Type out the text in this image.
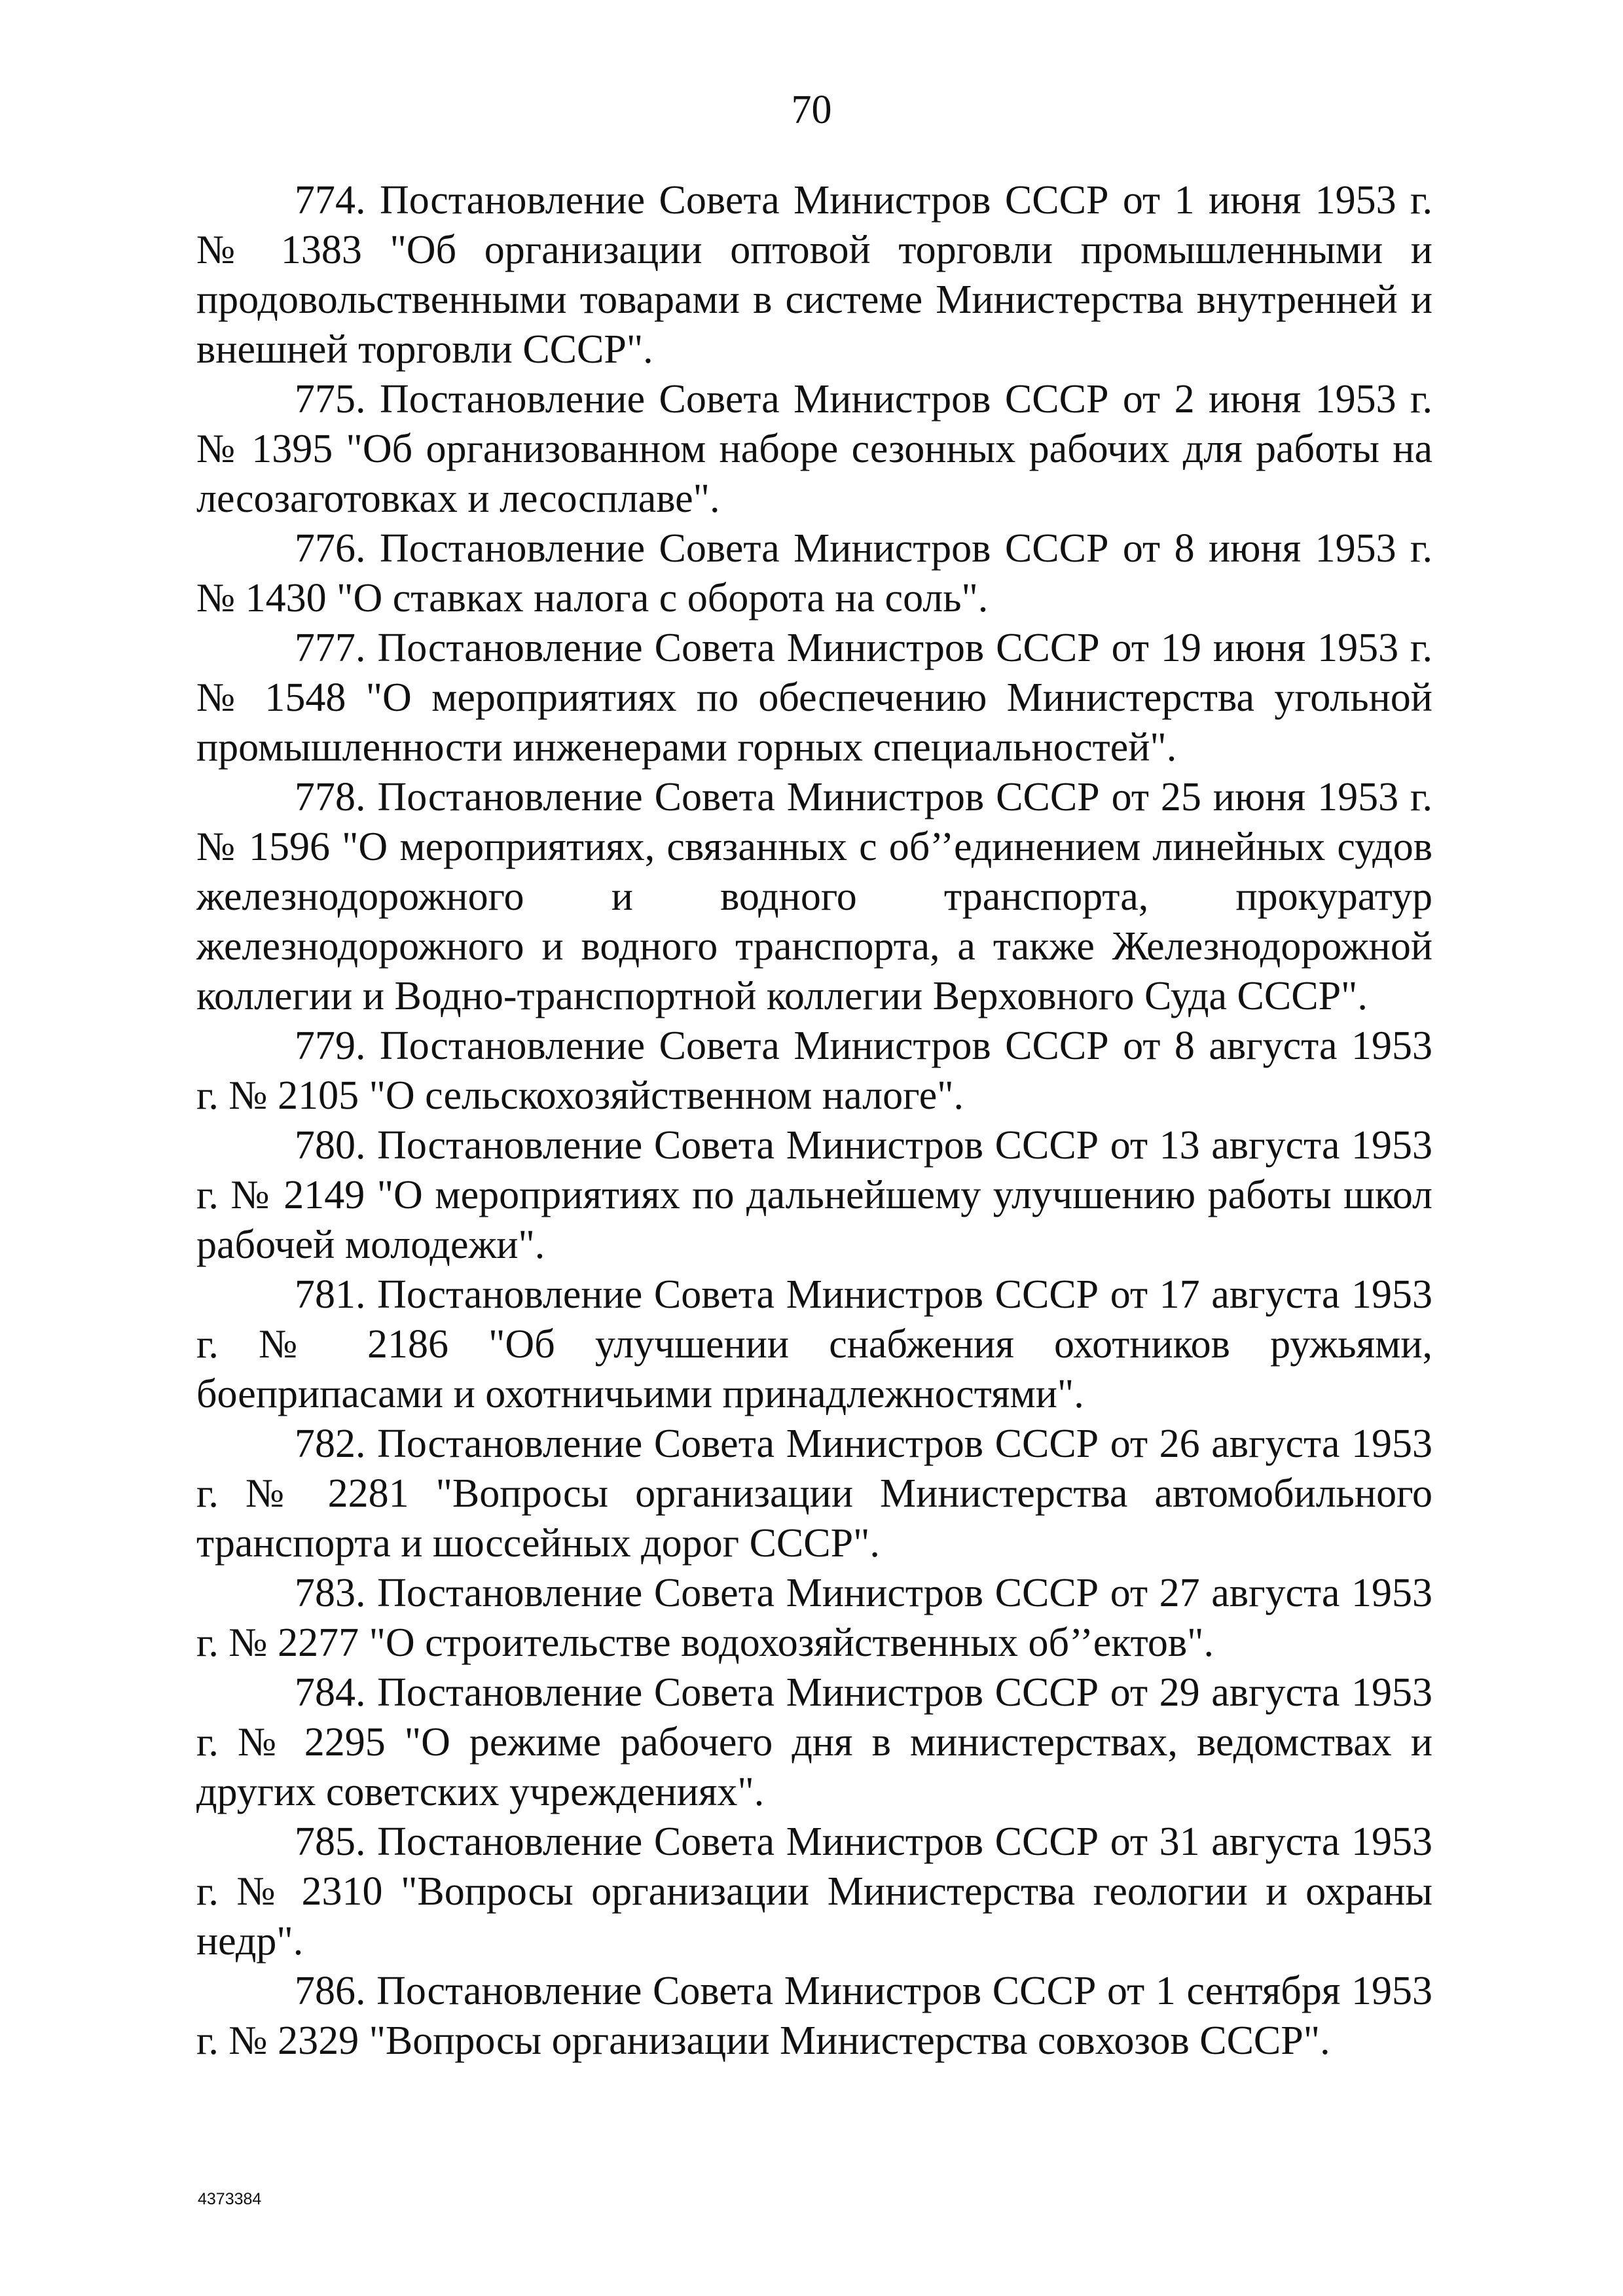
70

774. Постановление Совета Министров СССР от 1 июня 1953 г. № 1383 "Об организации оптовой торговли промышленными и продовольственными товарами в системе Министерства внутренней и внешней торговли СССР".

775. Постановление Совета Министров СССР от 2 июня 1953 г. № 1395 "Об организованном наборе сезонных рабочих для работы на лесозаготовках и лесосплаве".

776. Постановление Совета Министров СССР от 8 июня 1953 г. № 1430 "О ставках налога с оборота на соль".

777. Постановление Совета Министров СССР от 19 июня 1953 г. № 1548 "О мероприятиях по обеспечению Министерства угольной промышленности инженерами горных специальностей".

778. Постановление Совета Министров СССР от 25 июня 1953 г. № 1596 "О мероприятиях, связанных с об’’единением линейных судов железнодорожного и водного транспорта, прокуратур железнодорожного и водного транспорта, а также Железнодорожной коллегии и Водно-транспортной коллегии Верховного Суда СССР".

779. Постановление Совета Министров СССР от 8 августа 1953 г. № 2105 "О сельскохозяйственном налоге".

780. Постановление Совета Министров СССР от 13 августа 1953 г. № 2149 "О мероприятиях по дальнейшему улучшению работы школ рабочей молодежи".

781. Постановление Совета Министров СССР от 17 августа 1953 г. № 2186 "Об улучшении снабжения охотников ружьями, боеприпасами и охотничьими принадлежностями".

782. Постановление Совета Министров СССР от 26 августа 1953 г. № 2281 "Вопросы организации Министерства автомобильного транспорта и шоссейных дорог СССР".

783. Постановление Совета Министров СССР от 27 августа 1953 г. № 2277 "О строительстве водохозяйственных об’’ектов".

784. Постановление Совета Министров СССР от 29 августа 1953 г. № 2295 "О режиме рабочего дня в министерствах, ведомствах и других советских учреждениях".

785. Постановление Совета Министров СССР от 31 августа 1953 г. № 2310 "Вопросы организации Министерства геологии и охраны недр".

786. Постановление Совета Министров СССР от 1 сентября 1953 г. № 2329 "Вопросы организации Министерства совхозов СССР".

4373384
